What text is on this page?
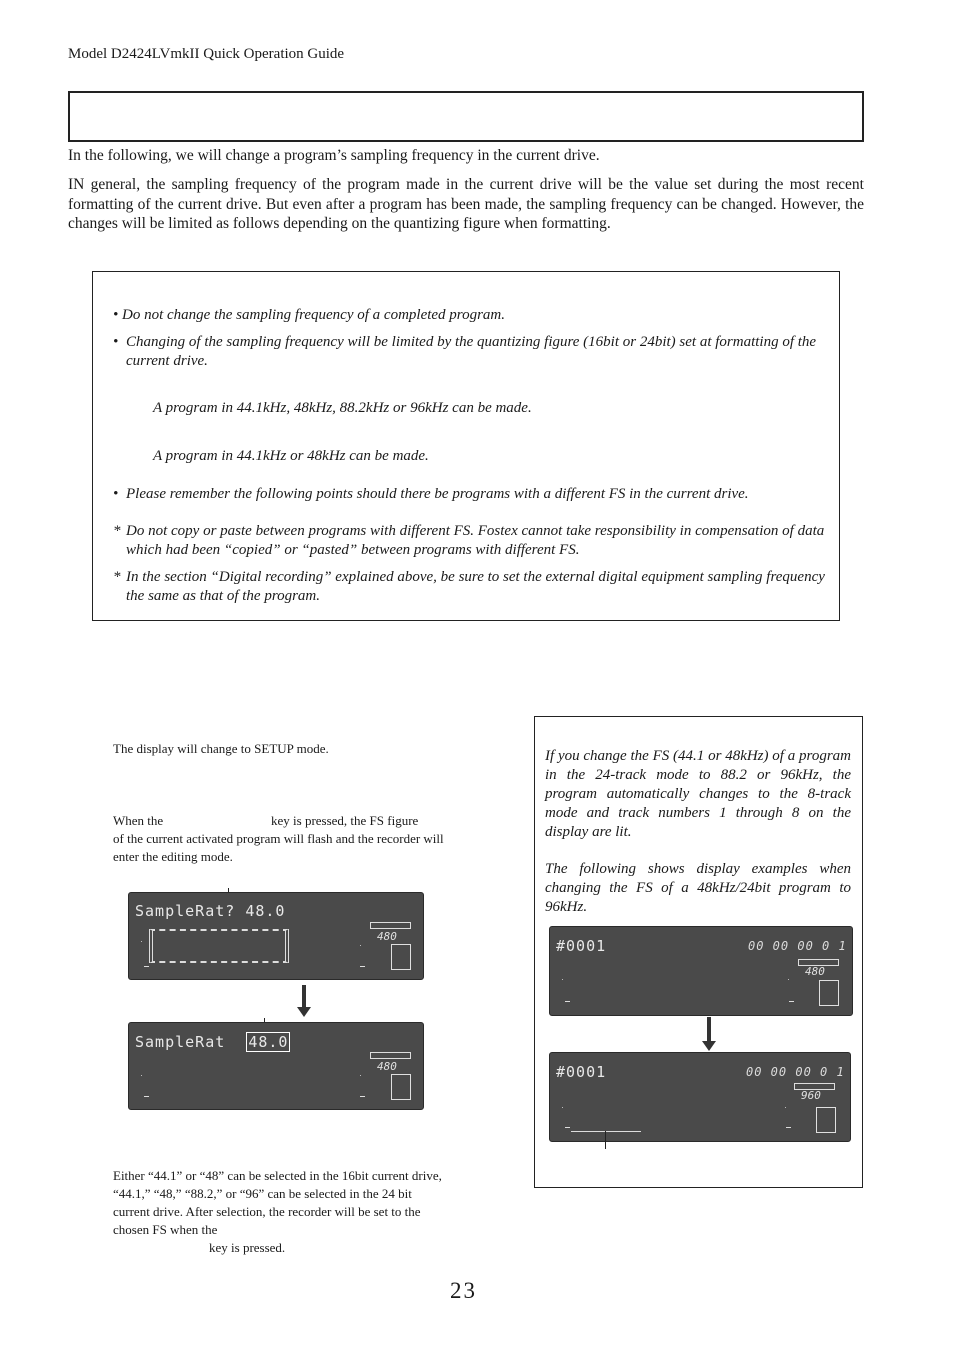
Model D2424LVmkII Quick Operation Guide
In the following, we will change a program’s sampling frequency in the current drive.
IN general, the sampling frequency of the program made in the current drive will be the value set during the most recent formatting of the current drive. But even after a program has been made, the sampling frequency can be changed. However, the changes will be limited as follows depending on the quantizing figure when formatting.
• Do not change the sampling frequency of a completed program.
• Changing of the sampling frequency will be limited by the quantizing figure (16bit or 24bit) set at formatting of the current drive.
A program in 44.1kHz, 48kHz, 88.2kHz or 96kHz can be made.
A program in 44.1kHz or 48kHz can be made.
• Please remember the following points should there be programs with a different FS in the current drive.
* Do not copy or paste between programs with different FS. Fostex cannot take responsibility in compensation of data which had been “copied” or “pasted” between programs with different FS.
* In the section “Digital recording” explained above, be sure to set the external digital equipment sampling frequency the same as that of the program.
The display will change to SETUP mode.
When the	key is pressed, the FS figure
of the current activated program will flash and the recorder will enter the editing mode.
SampleRat? 48.0
480
SampleRat 48.0
480
Either “44.1” or “48” can be selected in the 16bit current drive, “44.1,” “48,” “88.2,” or “96” can be selected in the 24 bit current drive. After selection, the recorder will be set to the chosen FS when the
key is pressed.
If you change the FS (44.1 or 48kHz) of a program in the 24-track mode to 88.2 or 96kHz, the program automatically changes to the 8-track mode and track numbers 1 through 8 on the display are lit.
The following shows display examples when changing the FS of a 48kHz/24bit program to 96kHz.
#0001	00 00 00 0 1
480
#0001	00 00 00 0 1
960
23
